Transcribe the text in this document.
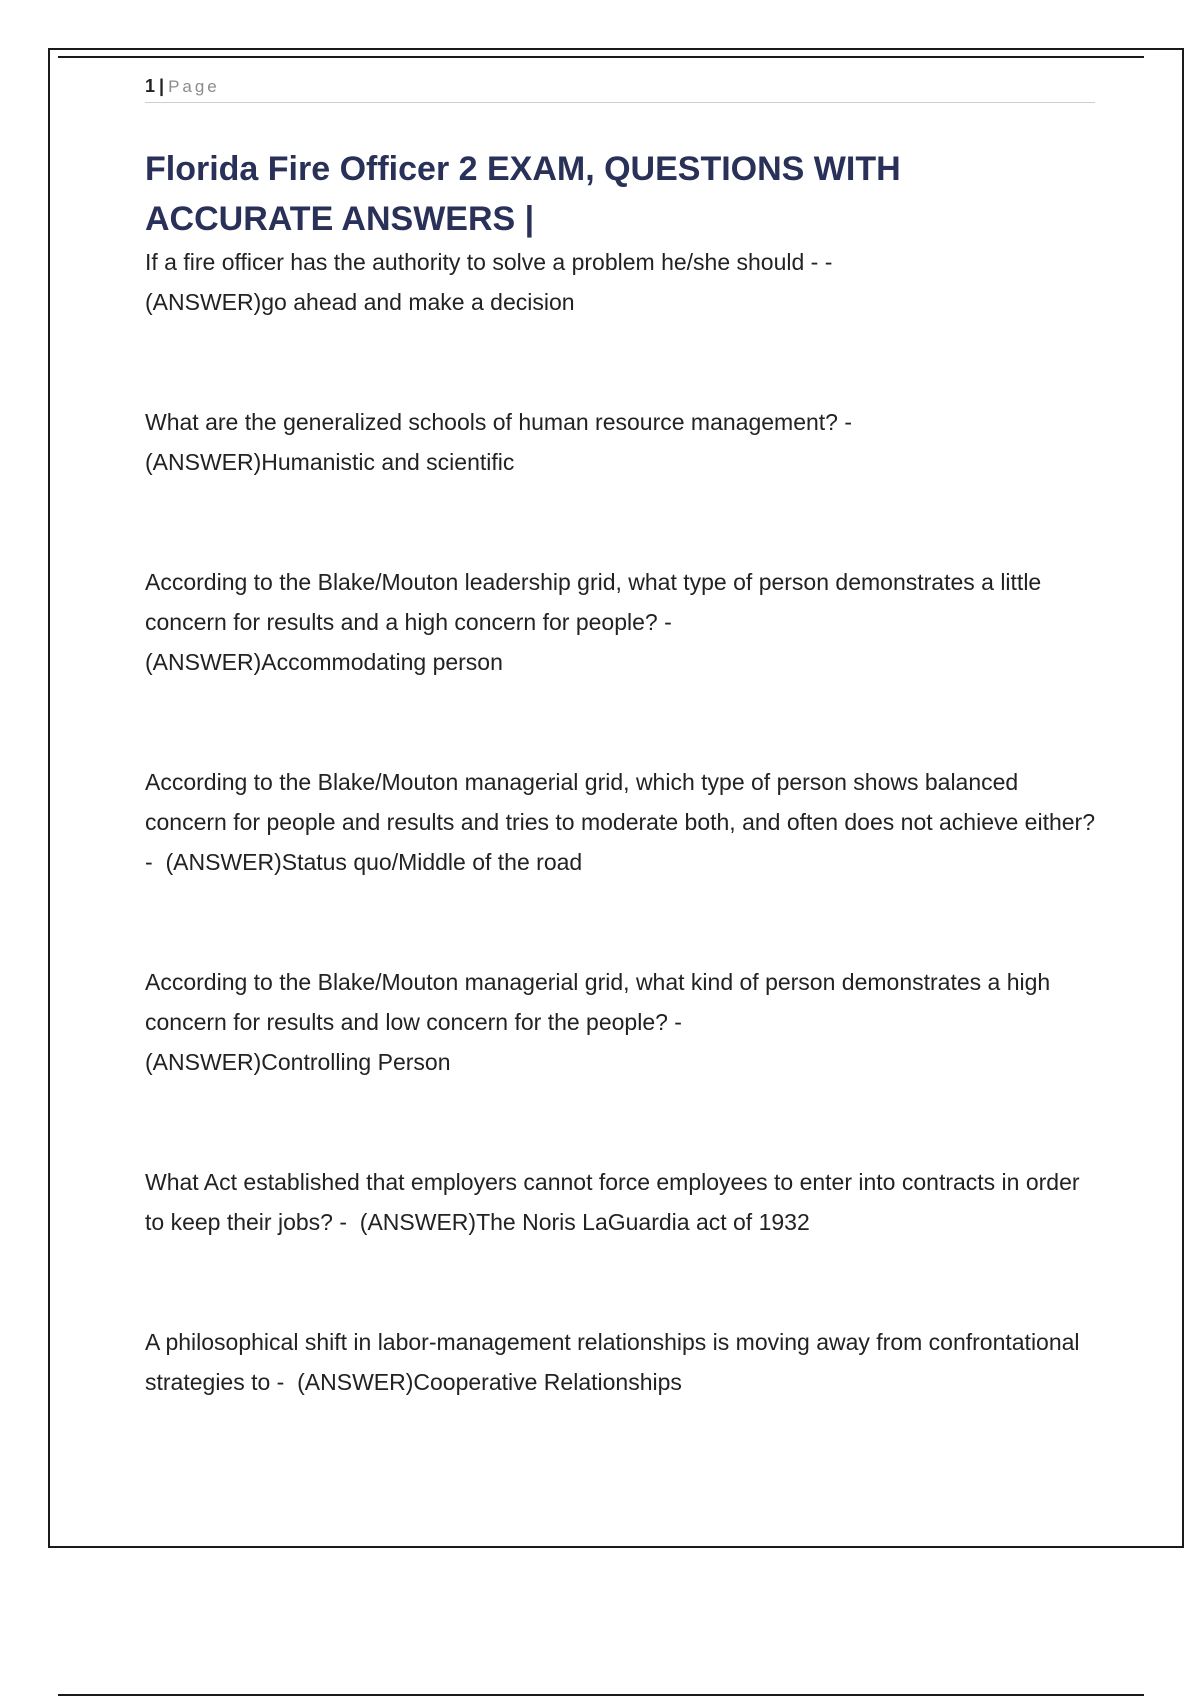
1 | Page
Florida Fire Officer 2 EXAM, QUESTIONS WITH ACCURATE ANSWERS |

If a fire officer has the authority to solve a problem he/she should - -
(ANSWER)go ahead and make a decision

What are the generalized schools of human resource management? -
(ANSWER)Humanistic and scientific

According to the Blake/Mouton leadership grid, what type of person demonstrates a little concern for results and a high concern for people? -
(ANSWER)Accommodating person

According to the Blake/Mouton managerial grid, which type of person shows balanced concern for people and results and tries to moderate both, and often does not achieve either? -  (ANSWER)Status quo/Middle of the road

According to the Blake/Mouton managerial grid, what kind of person demonstrates a high concern for results and low concern for the people? -
(ANSWER)Controlling Person

What Act established that employers cannot force employees to enter into contracts in order to keep their jobs? -  (ANSWER)The Noris LaGuardia act of 1932

A philosophical shift in labor-management relationships is moving away from confrontational strategies to -  (ANSWER)Cooperative Relationships
